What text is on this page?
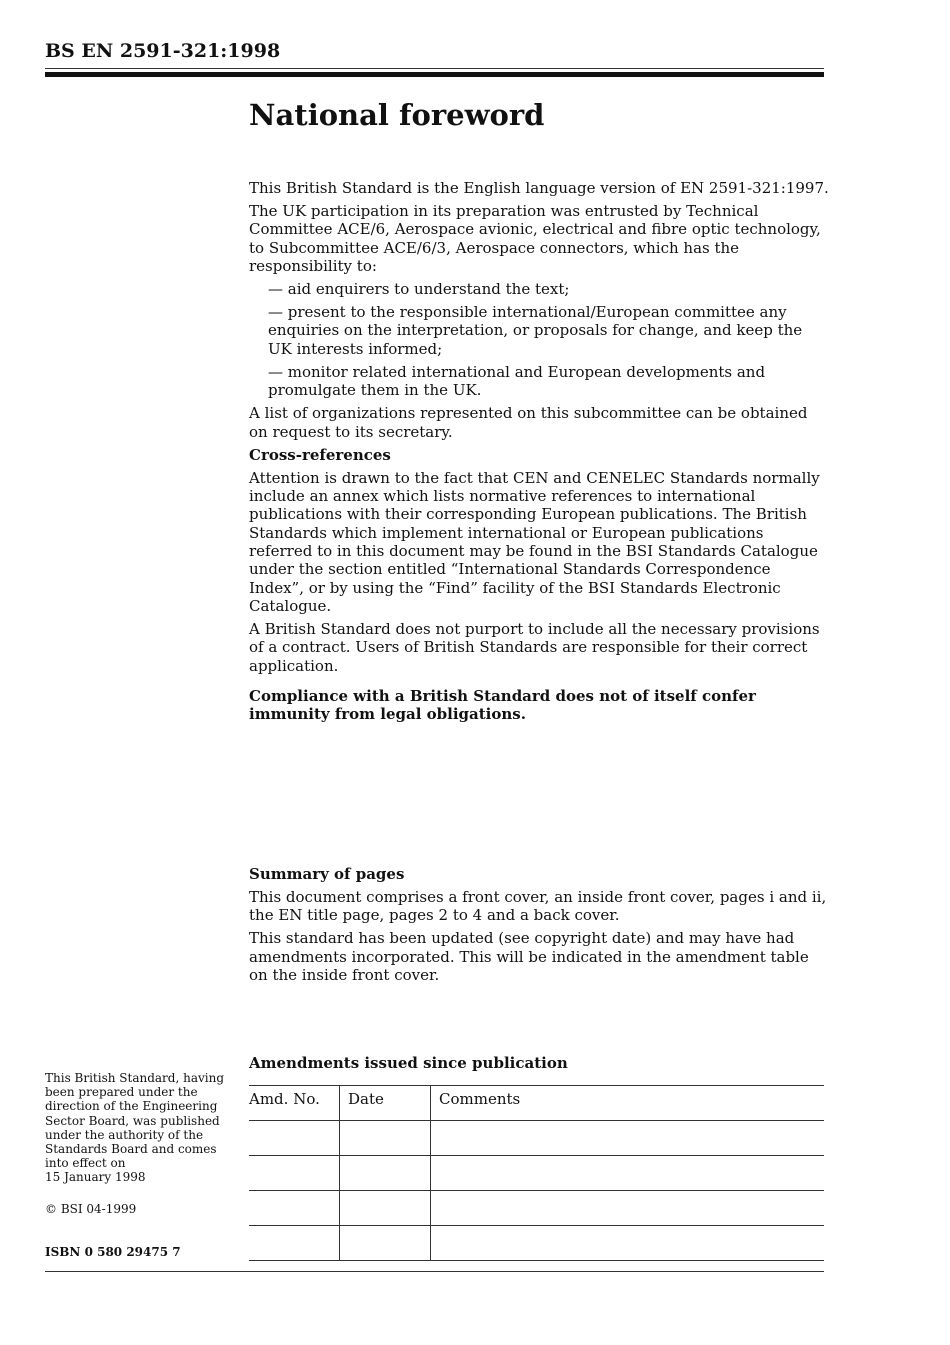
BS EN 2591-321:1998
National foreword

This British Standard is the English language version of EN 2591-321:1997.

The UK participation in its preparation was entrusted by Technical Committee ACE/6, Aerospace avionic, electrical and fibre optic technology, to Subcommittee ACE/6/3, Aerospace connectors, which has the responsibility to:

— aid enquirers to understand the text;

— present to the responsible international/European committee any enquiries on the interpretation, or proposals for change, and keep the UK interests informed;

— monitor related international and European developments and promulgate them in the UK.

A list of organizations represented on this subcommittee can be obtained on request to its secretary.

Cross-references

Attention is drawn to the fact that CEN and CENELEC Standards normally include an annex which lists normative references to international publications with their corresponding European publications. The British Standards which implement international or European publications referred to in this document may be found in the BSI Standards Catalogue under the section entitled “International Standards Correspondence Index”, or by using the “Find” facility of the BSI Standards Electronic Catalogue.

A British Standard does not purport to include all the necessary provisions of a contract. Users of British Standards are responsible for their correct application.

Compliance with a British Standard does not of itself confer immunity from legal obligations.

Summary of pages

This document comprises a front cover, an inside front cover, pages i and ii, the EN title page, pages 2 to 4 and a back cover.

This standard has been updated (see copyright date) and may have had amendments incorporated. This will be indicated in the amendment table on the inside front cover.

This British Standard, having been prepared under the direction of the Engineering Sector Board, was published under the authority of the Standards Board and comes into effect on

15 January 1998

© BSI 04-1999
ISBN 0 580 29475 7
Amendments issued since publication
Amd. No.	Date	Comments
